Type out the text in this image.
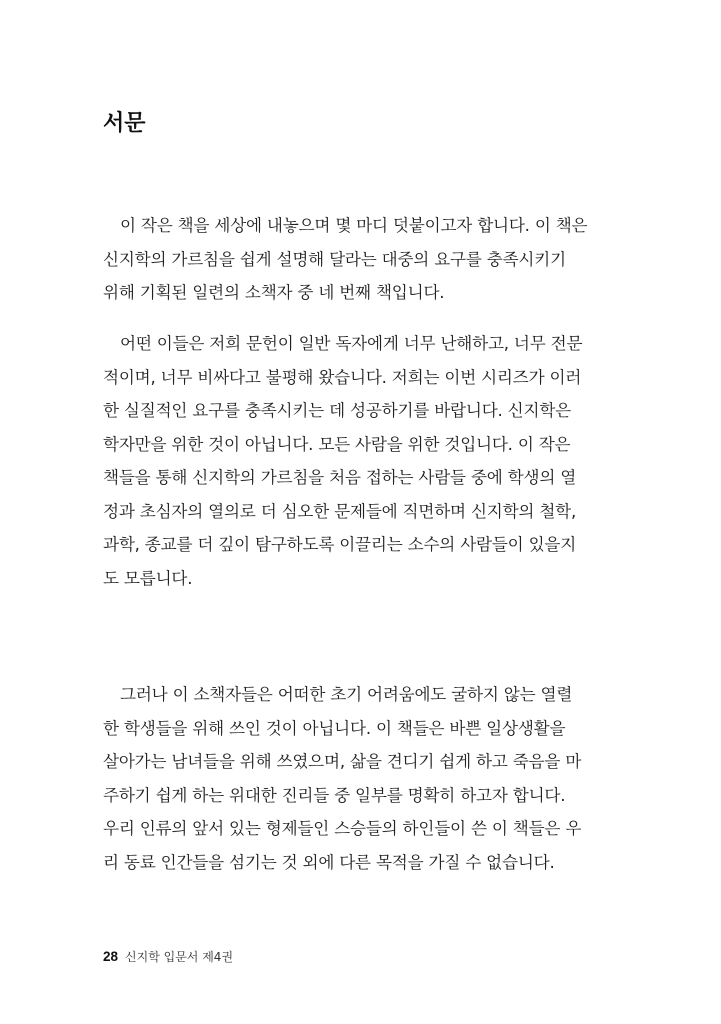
서문
이 작은 책을 세상에 내놓으며 몇 마디 덧붙이고자 합니다. 이 책은
신지학의 가르침을 쉽게 설명해 달라는 대중의 요구를 충족시키기
위해 기획된 일련의 소책자 중 네 번째 책입니다.
어떤 이들은 저희 문헌이 일반 독자에게 너무 난해하고, 너무 전문
적이며, 너무 비싸다고 불평해 왔습니다. 저희는 이번 시리즈가 이러
한 실질적인 요구를 충족시키는 데 성공하기를 바랍니다. 신지학은
학자만을 위한 것이 아닙니다. 모든 사람을 위한 것입니다. 이 작은
책들을 통해 신지학의 가르침을 처음 접하는 사람들 중에 학생의 열
정과 초심자의 열의로 더 심오한 문제들에 직면하며 신지학의 철학,
과학, 종교를 더 깊이 탐구하도록 이끌리는 소수의 사람들이 있을지
도 모릅니다.
그러나 이 소책자들은 어떠한 초기 어려움에도 굴하지 않는 열렬
한 학생들을 위해 쓰인 것이 아닙니다. 이 책들은 바쁜 일상생활을
살아가는 남녀들을 위해 쓰였으며, 삶을 견디기 쉽게 하고 죽음을 마
주하기 쉽게 하는 위대한 진리들 중 일부를 명확히 하고자 합니다.
우리 인류의 앞서 있는 형제들인 스승들의 하인들이 쓴 이 책들은 우
리 동료 인간들을 섬기는 것 외에 다른 목적을 가질 수 없습니다.
28 신지학 입문서 제4권
